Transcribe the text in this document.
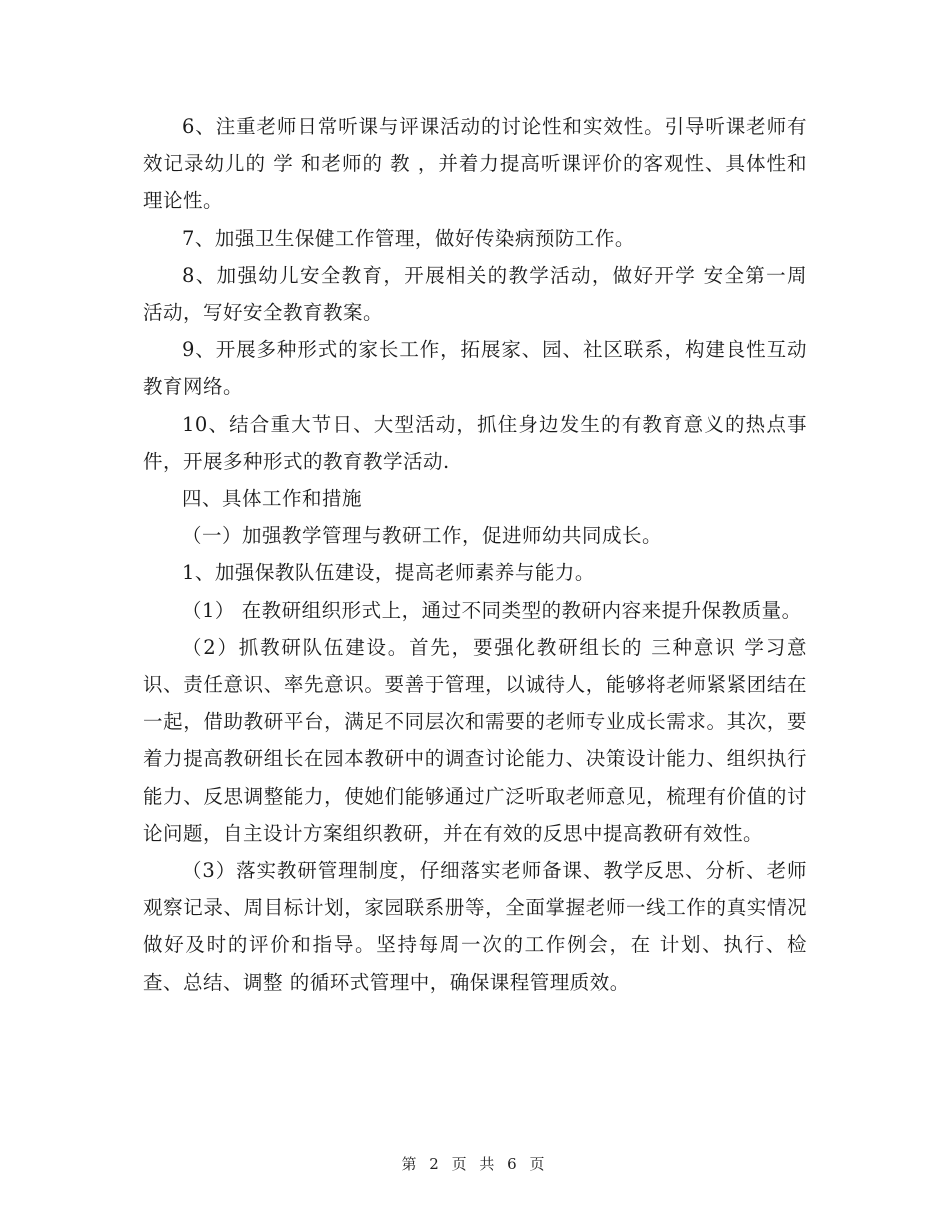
6、注重老师日常听课与评课活动的讨论性和实效性。引导听课老师有效记录幼儿的 学 和老师的 教 ，并着力提高听课评价的客观性、具体性和理论性。

7、加强卫生保健工作管理，做好传染病预防工作。

8、加强幼儿安全教育，开展相关的教学活动，做好开学 安全第一周 活动，写好安全教育教案。

9、开展多种形式的家长工作，拓展家、园、社区联系，构建良性互动教育网络。

10、结合重大节日、大型活动，抓住身边发生的有教育意义的热点事件，开展多种形式的教育教学活动.

四、具体工作和措施

（一）加强教学管理与教研工作，促进师幼共同成长。

1、加强保教队伍建设，提高老师素养与能力。

（1） 在教研组织形式上，通过不同类型的教研内容来提升保教质量。

（2）抓教研队伍建设。首先，要强化教研组长的 三种意识 学习意识、责任意识、率先意识。要善于管理，以诚待人，能够将老师紧紧团结在一起，借助教研平台，满足不同层次和需要的老师专业成长需求。其次，要着力提高教研组长在园本教研中的调查讨论能力、决策设计能力、组织执行能力、反思调整能力，使她们能够通过广泛听取老师意见，梳理有价值的讨论问题，自主设计方案组织教研，并在有效的反思中提高教研有效性。

（3）落实教研管理制度，仔细落实老师备课、教学反思、分析、老师观察记录、周目标计划，家园联系册等，全面掌握老师一线工作的真实情况做好及时的评价和指导。坚持每周一次的工作例会，在 计划、执行、检查、总结、调整 的循环式管理中，确保课程管理质效。

第 2 页 共 6 页
